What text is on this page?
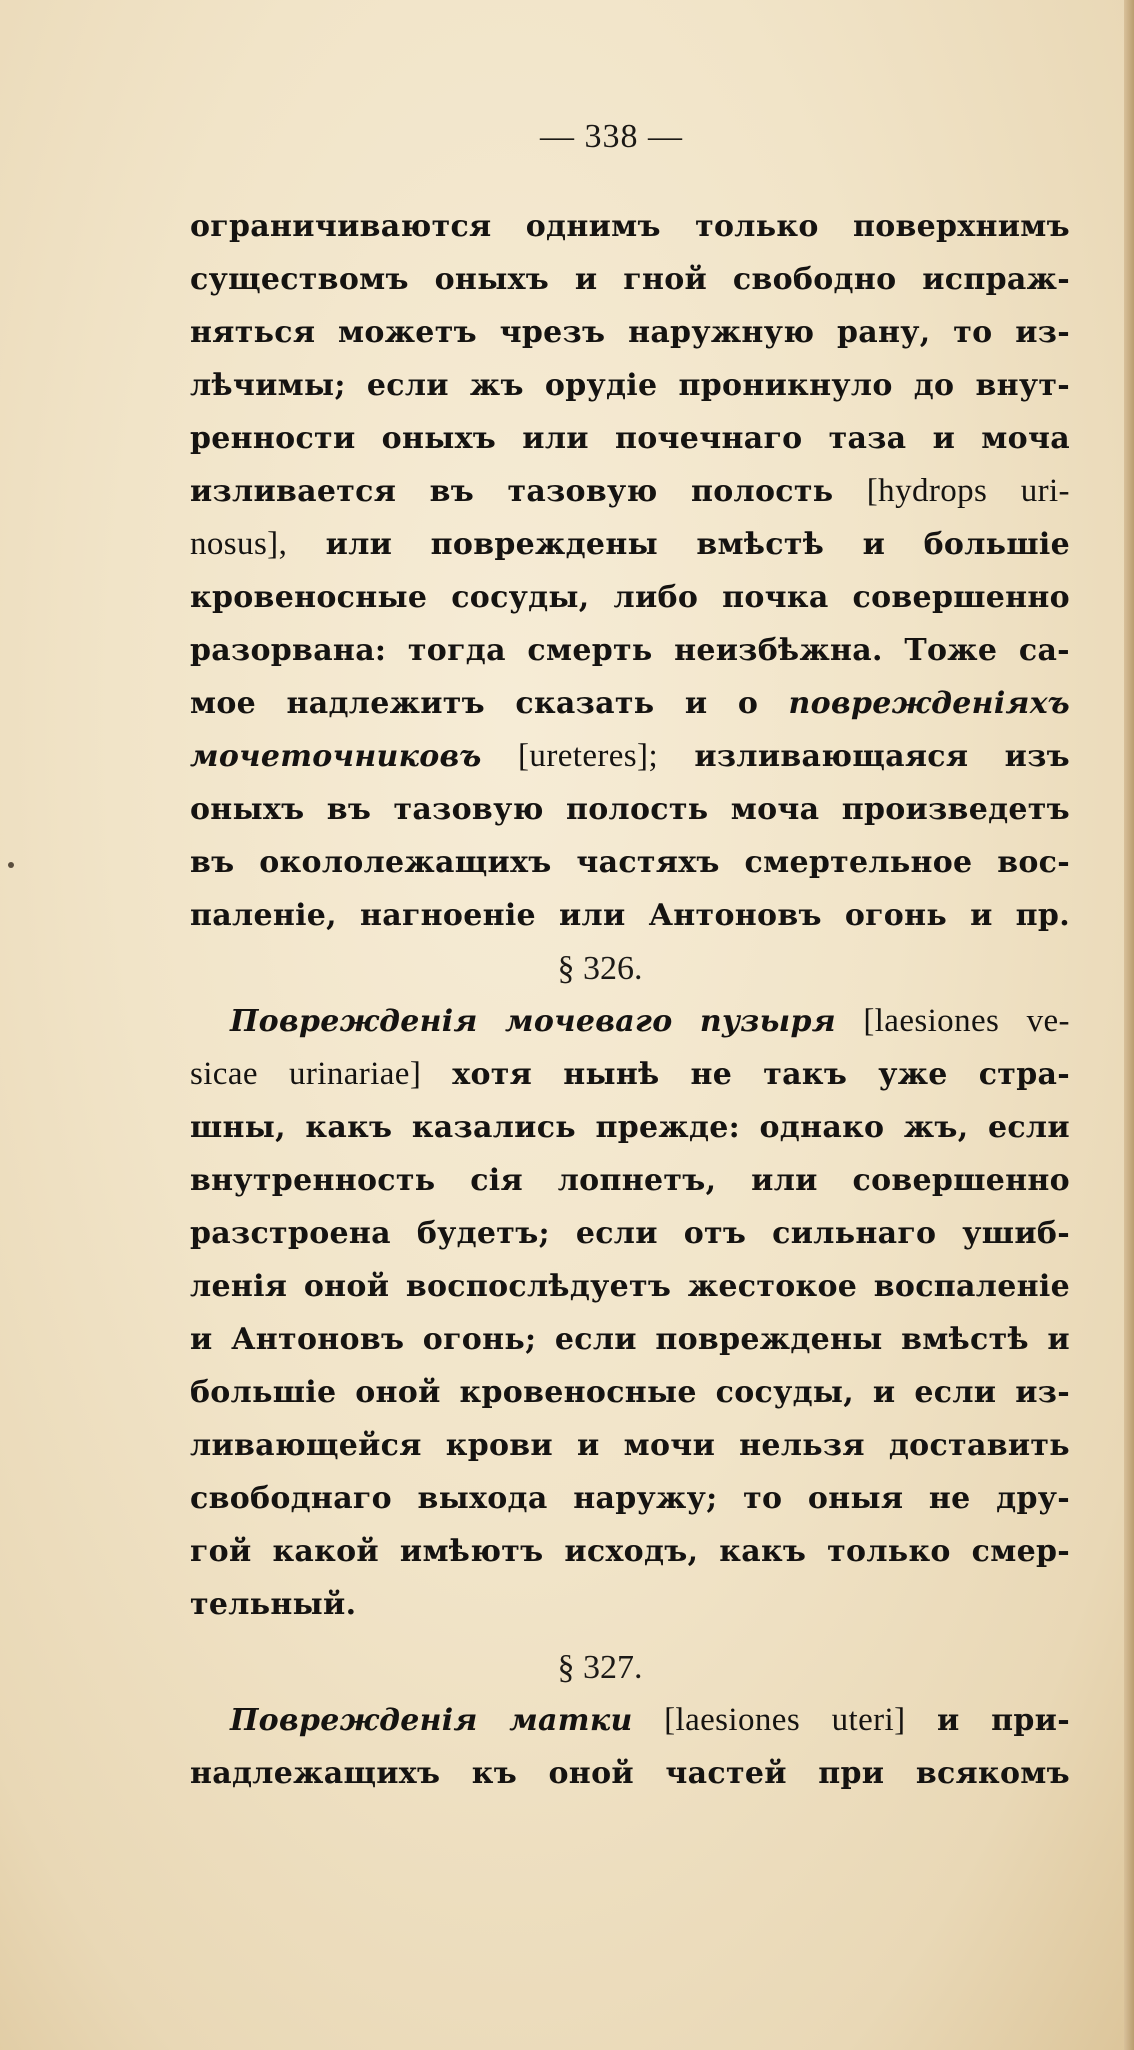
— 338 —
ограничиваются однимъ только поверхнимъ
существомъ оныхъ и гной свободно испраж-
няться можетъ чрезъ наружную рану, то из-
лѣчимы; если жъ орудіе проникнуло до внут-
ренности оныхъ или почечнаго таза и моча
изливается въ тазовую полость [hydrops uri-
nosus], или повреждены вмѣстѣ и большіе
кровеносные сосуды, либо почка совершенно
разорвана: тогда смерть неизбѣжна. Тоже са-
мое надлежитъ сказать и о поврежденіяхъ
мочеточниковъ [ureteres]; изливающаяся изъ
оныхъ въ тазовую полость моча произведетъ
въ окололежащихъ частяхъ смертельное вос-
паленіе, нагноеніе или Антоновъ огонь и пр.
§ 326.
Поврежденія мочеваго пузыря [laesiones ve-
sicae urinariae] хотя нынѣ не такъ уже стра-
шны, какъ казались прежде: однако жъ, если
внутренность сія лопнетъ, или совершенно
разстроена будетъ; если отъ сильнаго ушиб-
ленія оной воспослѣдуетъ жестокое воспаленіе
и Антоновъ огонь; если повреждены вмѣстѣ и
большіе оной кровеносные сосуды, и если из-
ливающейся крови и мочи нельзя доставить
свободнаго выхода наружу; то оныя не дру-
гой какой имѣютъ исходъ, какъ только смер-
тельный.
§ 327.
Поврежденія матки [laesiones uteri] и при-
надлежащихъ къ оной частей при всякомъ
